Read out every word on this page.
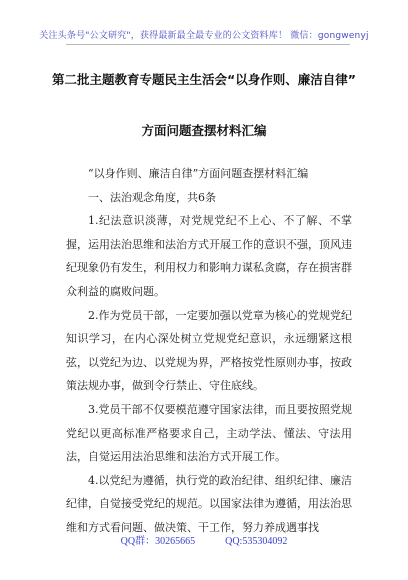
关注头条号"公文研究"，获得最新最全最专业的公文资料库！ 微信：gongwenyj
第二批主题教育专题民主生活会“以身作则、廉洁自律”
方面问题查摆材料汇编

“以身作则、廉洁自律”方面问题查摆材料汇编

一、法治观念角度，共6条

1.纪法意识淡薄，对党规党纪不上心、不了解、不掌握，运用法治思维和法治方式开展工作的意识不强，顶风违纪现象仍有发生，利用权力和影响力谋私贪腐，存在损害群众利益的腐败问题。

2.作为党员干部，一定要加强以党章为核心的党规党纪知识学习，在内心深处树立党规党纪意识，永远绷紧这根弦，以党纪为边、以党规为界，严格按党性原则办事，按政策法规办事，做到令行禁止、守住底线。

3.党员干部不仅要模范遵守国家法律，而且要按照党规党纪以更高标准严格要求自己，主动学法、懂法、守法用法，自觉运用法治思维和法治方式开展工作。

4.以党纪为遵循，执行党的政治纪律、组织纪律、廉洁纪律，自觉接受党纪的规范。以国家法律为遵循，用法治思维和方式看问题、做决策、干工作，努力养成遇事找

QQ群：30265665	QQ:535304092
